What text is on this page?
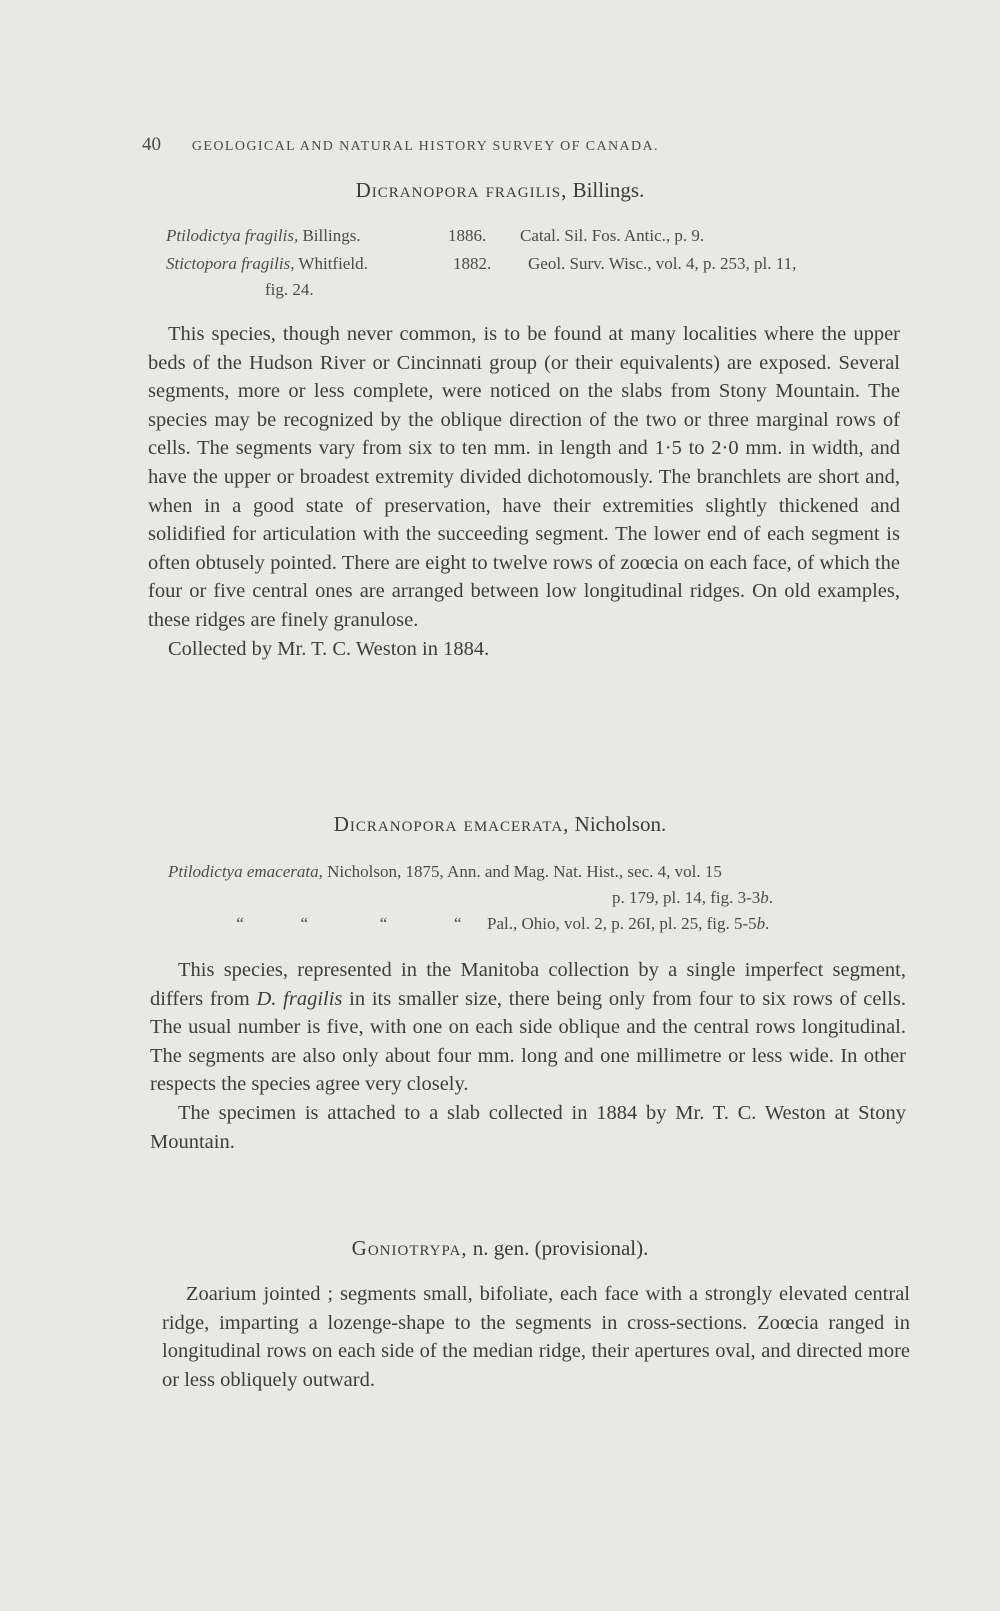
40 GEOLOGICAL AND NATURAL HISTORY SURVEY OF CANADA.
Dicranopora fragilis, Billings.
Ptilodictya fragilis, Billings.	1886. Catal. Sil. Fos. Antic., p. 9.
Stictopora fragilis, Whitfield.	1882. Geol. Surv. Wisc., vol. 4, p. 253, pl. 11,
fig. 24.

This species, though never common, is to be found at many localities where the upper beds of the Hudson River or Cincinnati group (or their equivalents) are exposed. Several segments, more or less complete, were noticed on the slabs from Stony Mountain. The species may be recognized by the oblique direction of the two or three marginal rows of cells. The segments vary from six to ten mm. in length and 1·5 to 2·0 mm. in width, and have the upper or broadest extremity divided dichotomously. The branchlets are short and, when in a good state of preservation, have their extremities slightly thickened and solidified for articulation with the succeeding segment. The lower end of each segment is often obtusely pointed. There are eight to twelve rows of zoœcia on each face, of which the four or five central ones are arranged between low longitudinal ridges. On old examples, these ridges are finely granulose.

Collected by Mr. T. C. Weston in 1884.

Dicranopora emacerata, Nicholson.
Ptilodictya emacerata, Nicholson, 1875, Ann. and Mag. Nat. Hist., sec. 4, vol. 15
p. 179, pl. 14, fig. 3-3b.
“	“	“	“ Pal., Ohio, vol. 2, p. 26I, pl. 25, fig. 5-5b.

This species, represented in the Manitoba collection by a single imperfect segment, differs from D. fragilis in its smaller size, there being only from four to six rows of cells. The usual number is five, with one on each side oblique and the central rows longitudinal. The segments are also only about four mm. long and one millimetre or less wide. In other respects the species agree very closely.

The specimen is attached to a slab collected in 1884 by Mr. T. C. Weston at Stony Mountain.

Goniotrypa, n. gen. (provisional).

Zoarium jointed ; segments small, bifoliate, each face with a strongly elevated central ridge, imparting a lozenge-shape to the segments in cross-sections. Zoœcia ranged in longitudinal rows on each side of the median ridge, their apertures oval, and directed more or less obliquely outward.
